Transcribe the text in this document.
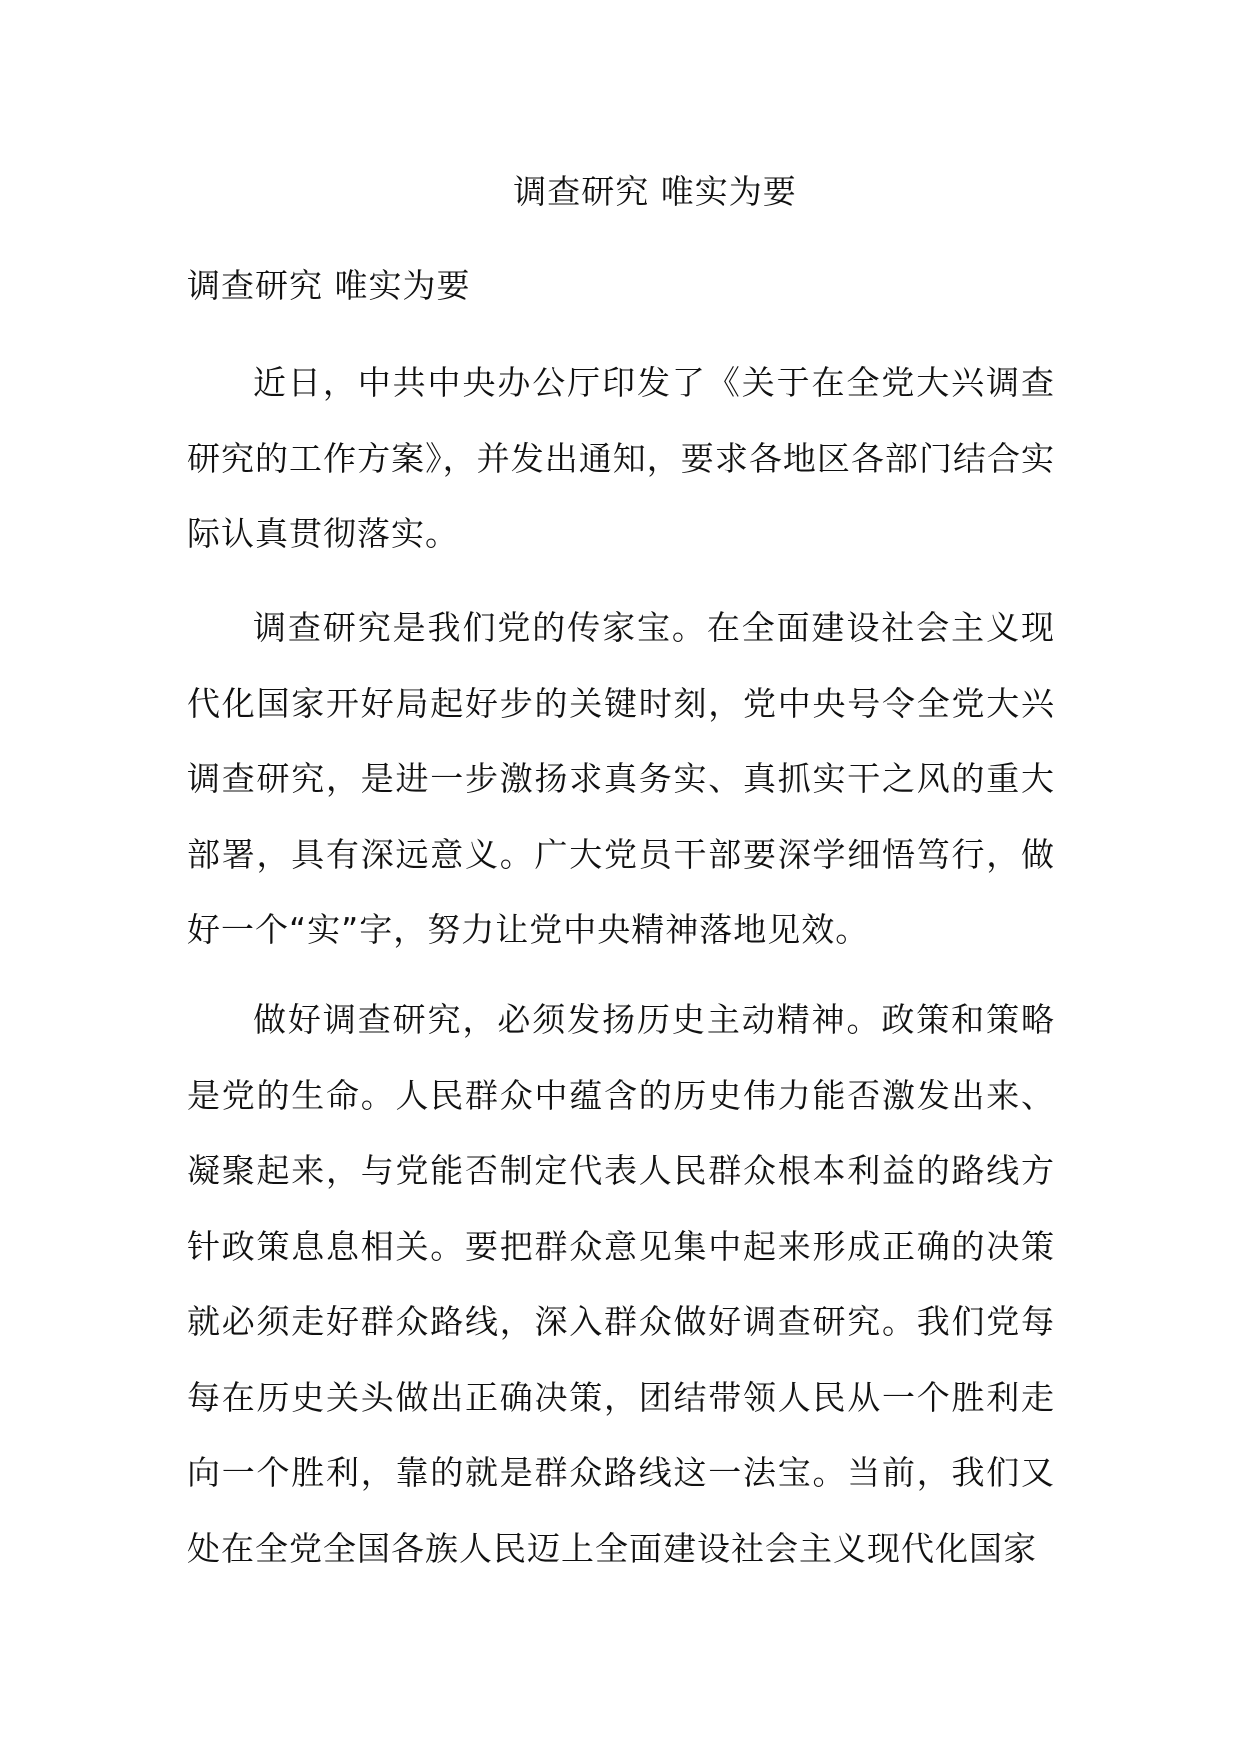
调查研究 唯实为要
调查研究 唯实为要

近日，中共中央办公厅印发了《关于在全党大兴调查研究的工作方案》，并发出通知，要求各地区各部门结合实际认真贯彻落实。

调查研究是我们党的传家宝。在全面建设社会主义现代化国家开好局起好步的关键时刻，党中央号令全党大兴调查研究，是进一步激扬求真务实、真抓实干之风的重大部署，具有深远意义。广大党员干部要深学细悟笃行，做好一个“实”字，努力让党中央精神落地见效。

做好调查研究，必须发扬历史主动精神。政策和策略是党的生命。人民群众中蕴含的历史伟力能否激发出来、凝聚起来，与党能否制定代表人民群众根本利益的路线方针政策息息相关。要把群众意见集中起来形成正确的决策就必须走好群众路线，深入群众做好调查研究。我们党每每在历史关头做出正确决策，团结带领人民从一个胜利走向一个胜利，靠的就是群众路线这一法宝。当前，我们又处在全党全国各族人民迈上全面建设社会主义现代化国家
